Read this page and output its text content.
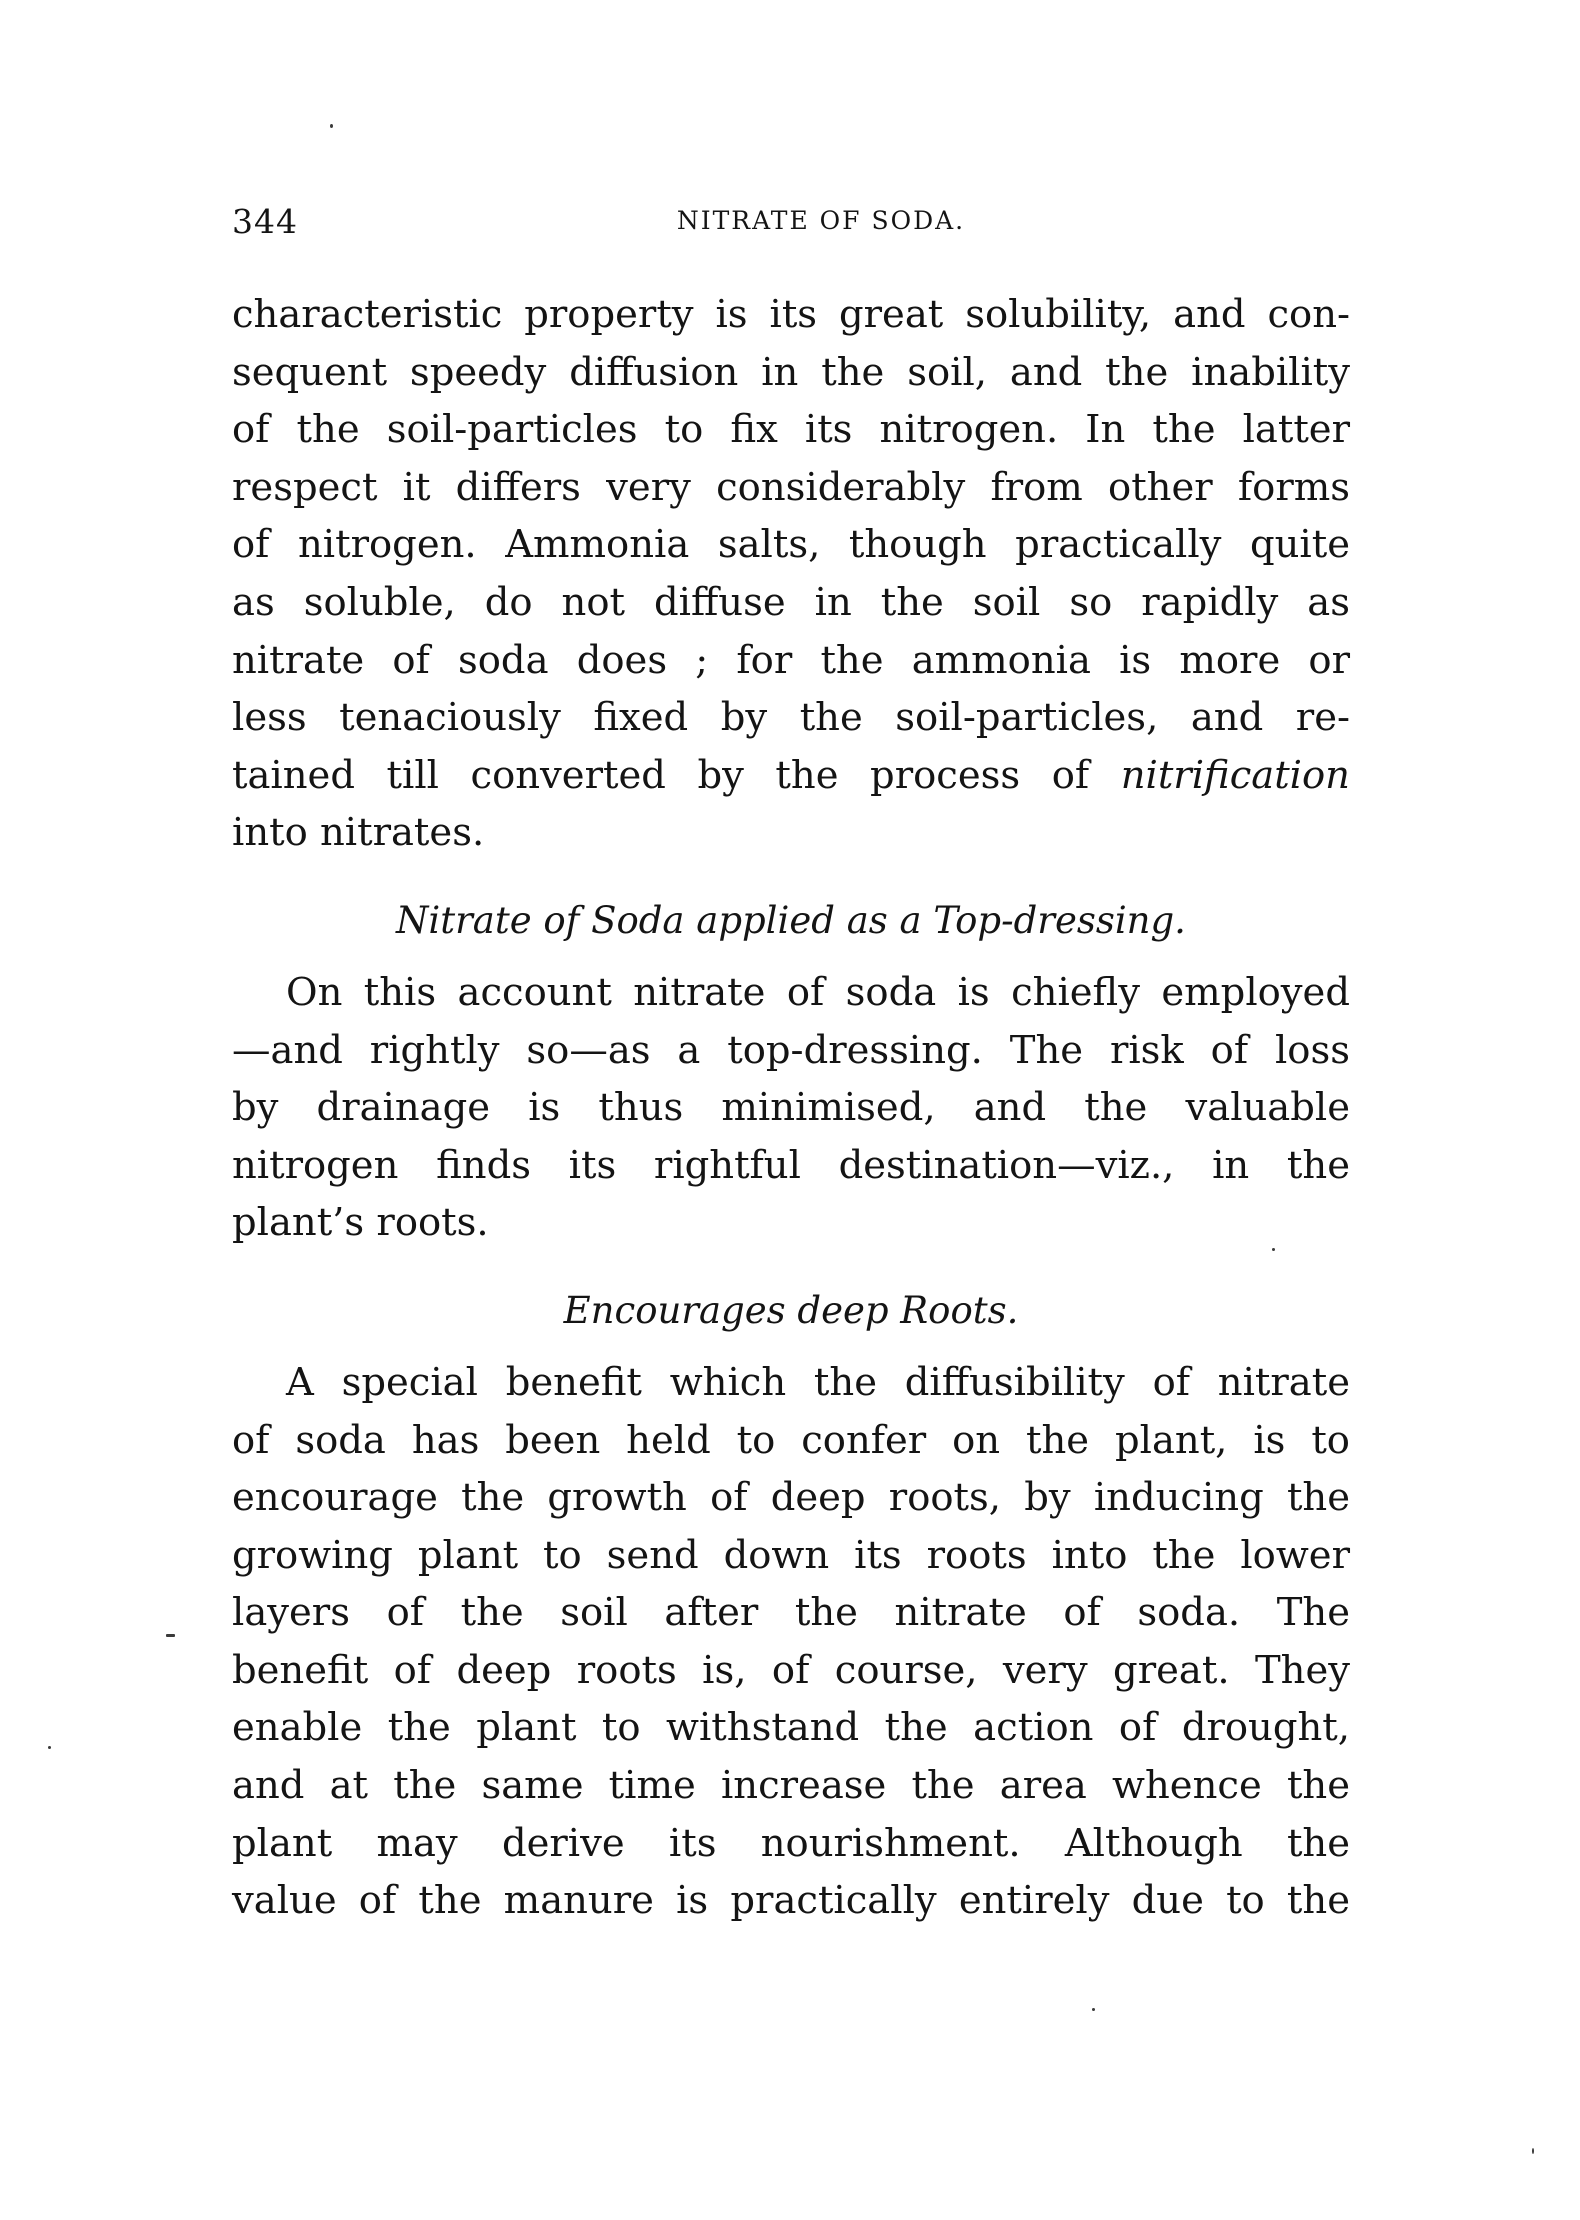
344	NITRATE OF SODA.
characteristic property is its great solubility, and con-
sequent speedy diffusion in the soil, and the inability
of the soil-particles to fix its nitrogen. In the latter
respect it differs very considerably from other forms
of nitrogen. Ammonia salts, though practically quite
as soluble, do not diffuse in the soil so rapidly as
nitrate of soda does ; for the ammonia is more or
less tenaciously fixed by the soil-particles, and re-
tained till converted by the process of nitrification
into nitrates.
Nitrate of Soda applied as a Top-dressing.
On this account nitrate of soda is chiefly employed
—and rightly so—as a top-dressing. The risk of loss
by drainage is thus minimised, and the valuable
nitrogen finds its rightful destination—viz., in the
plant’s roots.
Encourages deep Roots.
A special benefit which the diffusibility of nitrate
of soda has been held to confer on the plant, is to
encourage the growth of deep roots, by inducing the
growing plant to send down its roots into the lower
layers of the soil after the nitrate of soda. The
benefit of deep roots is, of course, very great. They
enable the plant to withstand the action of drought,
and at the same time increase the area whence the
plant may derive its nourishment. Although the
value of the manure is practically entirely due to the
